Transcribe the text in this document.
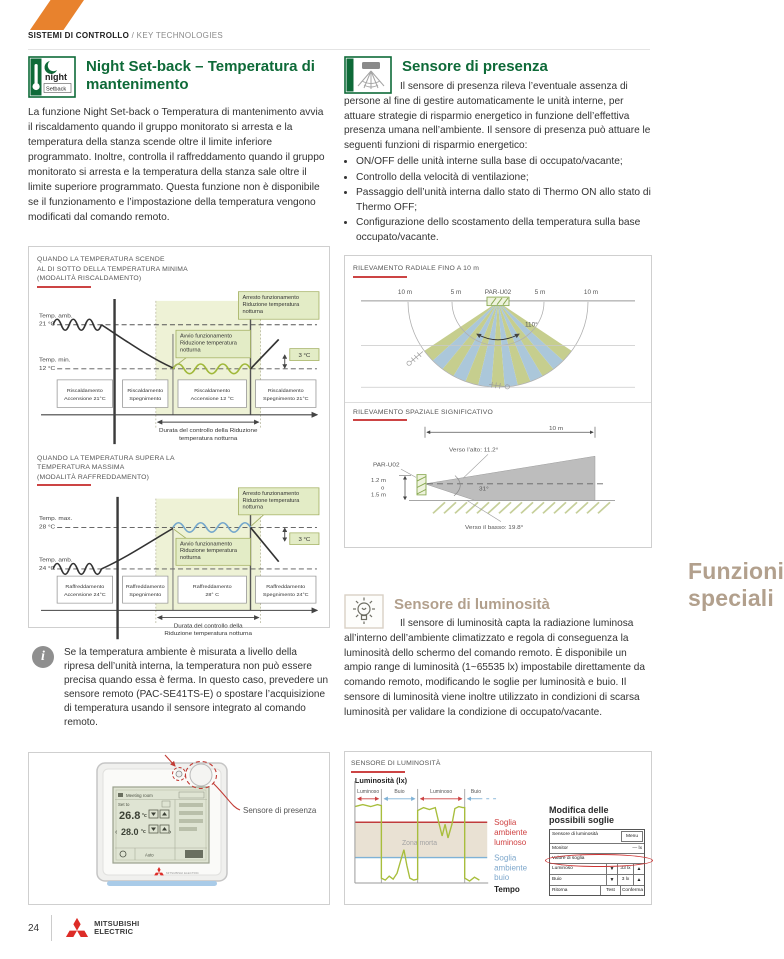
SISTEMI DI CONTROLLO / KEY TECHNOLOGIES
night
Setback
Night Set-back – Temperatura di mantenimento
La funzione Night Set-back o Temperatura di mantenimento avvia il riscaldamento quando il gruppo monitorato si arresta e la temperatura della stanza scende oltre il limite inferiore programmato. Inoltre, controlla il raffreddamento quando il gruppo monitorato si arresta e la temperatura della stanza sale oltre il limite superiore programmato. Questa funzione non è disponibile se il funzionamento e l’impostazione della temperatura vengono modificati dal comando remoto.
QUANDO LA TEMPERATURA SCENDE
AL DI SOTTO DELLA TEMPERATURA MINIMA
(MODALITÀ RISCALDAMENTO)
Temp. amb.
21 °C
Temp. min.
12 °C
Avvio funzionamento
Riduzione temperatura
notturna
Arresto funzionamento
Riduzione temperatura
notturna
3 °C
Riscaldamento
Accensione 21°C
Riscaldamento
Spegnimento
Riscaldamento
Accensione 12 °C
Riscaldamento
Spegnimento 21°C
Durata del controllo della Riduzione
temperatura notturna
QUANDO LA TEMPERATURA SUPERA LA
TEMPERATURA MASSIMA
(MODALITÀ RAFFREDDAMENTO)
Temp. max.
28 °C
Temp. amb.
24 °C
Arresto funzionamento
Riduzione temperatura
notturna
Avvio funzionamento
Riduzione temperatura
notturna
3 °C
Raffreddamento
Accensione 24°C
Raffreddamento
Spegnimento
Raffreddamento
28° C
Raffreddamento
Spegnimento 24°C
Durata del controllo della
Riduzione temperatura notturna
i	Se la temperatura ambiente è misurata a livello della ripresa dell’unità interna, la temperatura non può essere precisa quando essa è ferma. In questo caso, prevedere un sensore remoto (PAC-SE41TS-E) o spostare l’acquisizione di temperatura usando il sensore integrato al comando remoto.
Meeting room
Set to
26.8 °c
‹ 28.0 °c	›
Auto
MITSUBISHI ELECTRIC
Sensore di presenza
Sensore di presenza
Il sensore di presenza rileva l’eventuale assenza di persone al fine di gestire automaticamente le unità interne, per attuare strategie di risparmio energetico in funzione dell’effettiva presenza umana nell’ambiente. Il sensore di presenza può attuare le seguenti funzioni di risparmio energetico:
• ON/OFF delle unità interne sulla base di occupato/vacante;
• Controllo della velocità di ventilazione;
• Passaggio dell’unità interna dallo stato di Thermo ON allo stato di Thermo OFF;
• Configurazione dello scostamento della temperatura sulla base occupato/vacante.
RILEVAMENTO RADIALE FINO A 10 m
10 m	5 m	PAR-U02	5 m	10 m
110°
RILEVAMENTO SPAZIALE SIGNIFICATIVO
10 m
Verso l’alto: 11.2°
31°
PAR-U02
1.2 m
o
1.5 m
Verso il basso: 19.8°
Funzioni speciali
Sensore di luminosità
Il sensore di luminosità capta la radiazione luminosa all’interno dell’ambiente climatizzato e regola di conseguenza la luminosità dello schermo del comando remoto. È disponibile un ampio range di luminosità (1~65535 lx) impostabile direttamente da comando remoto, modificando le soglie per luminosità e buio. Il sensore di luminosità viene inoltre utilizzato in condizioni di scarsa luminosità per validare la condizione di occupato/vacante.
SENSORE DI LUMINOSITÀ
Luminosità (lx)
Zona morta
Luminoso	Buio	Luminoso	Buio
Soglia
ambiente
luminoso
Soglia
ambiente
buio
Tempo
Modifica delle
possibili soglie
Sensore di luminosità	Menu
Monitor	— lx
Valore di soglia
Luminoso	▼	33 lx	▲
Buio	▼	3 lx	▲
Ritorna	Test	Conferma
24	MITSUBISHI
ELECTRIC
